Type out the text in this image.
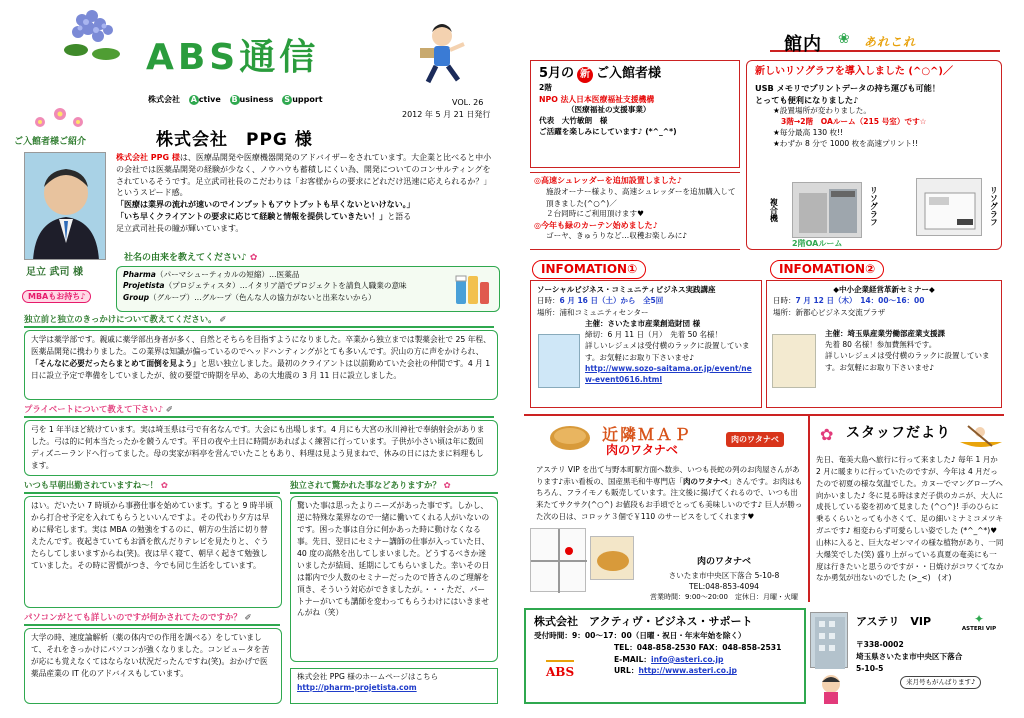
ABS通信
株式会社 A ctive B usiness S upport	VOL. 26
2012 年 5 月 21 日発行
ご入館者様ご紹介
足立 武司 様
MBAもお持ち♪
株式会社　PPG 様
株式会社 PPG 様は、医療品開発や医療機器開発のアドバイザーをされています。大企業と比べると中小の会社では医薬品開発の経験が少なく、ノウハウも蓄積しにくい為、開発についてのコンサルティングをされているそうです。足立武司社長のこだわりは「お客様からの要求にどれだけ迅速に応えられるか？」というスピード感。
「医療は業界の流れが速いのでインプットもアウトプットも早くないといけない。」
「いち早くクライアントの要求に応じて経験と情報を提供していきたい！」と語る
足立武司社長の瞳が輝いています。
社名の由来を教えてください♪ ✿
Pharma（パーマシューティカルの短縮）…医薬品
Projetista（プロジェティスタ）…イタリア語でプロジェクトを請負人職業の意味
Group（グループ）…グループ（色んな人の協力がないと出来ないから）
独立前と独立のきっかけについて教えてください。 ✐
大学は薬学部です。親戚に薬学部出身者が多く、自然とそちらを目指すようになりました。卒業から独立までは製薬会社で 25 年程、医薬品開発に携わりました。この業界は知識が偏っているのでヘッドハンティングがとても多いんです。沢山の方に声をかけられ、「そんなに必要だったらまとめて面倒を見よう」と思い独立しました。最初のクライアントは以前勤めていた会社の仲間です。4 月 1 日に設立予定で準備をしていましたが、彼の要望で時期を早め、あの大地震の 3 月 11 日に設立しました。
プライベートについて教えて下さい♪ ✐
弓を 1 年半ほど続けています。実は埼玉県は弓で有名なんです。大会にも出場します。4 月にも大宮の氷川神社で奉納射会がありました。弓は的に何本当たったかを競うんです。平日の夜や土日に時間があればよく練習に行っています。子供が小さい頃は年に数回ディズニーランドへ行ってました。母の実家が料亭を営んでいたこともあり、料理は見よう見まねで、休みの日にはたまに料理もします。
いつも早朝出勤されていますね～！ ✿
はい。だいたい 7 時頃から事務仕事を始めています。すると 9 時半頃から打合せ予定を入れてもらうといいんですよ。その代わり夕方は早めに帰宅します。実は MBA の勉強をするのに、朝方の生活に切り替えたんです。夜起きていてもお酒を飲んだりテレビを見たりと、ぐうたらしてしまいますからね(笑)。夜は早く寝て、朝早く起きて勉強していました。その時に習慣がつき、今でも同じ生活をしています。
独立されて驚かれた事などありますか？ ✿
驚いた事は思ったよりニーズがあった事です。しかし、逆に特殊な業界なので一緒に働いてくれる人がいないのです。困った事は自分に何かあった時に動けなくなる事。先日、翌日にセミナー講師の仕事が入っていた日、40 度の高熱を出してしまいました。どうするべきか迷いましたが結局、延期にしてもらいました。幸いその日は都内で少人数のセミナーだったので皆さんのご理解を頂き、そういう対応ができましたが。・・・ただ、パートナーがいても講師を変わってもらうわけにはいきませんがね（笑）
パソコンがとても詳しいのですが何かされてたのですか？ ✐
大学の時、速度論解析（薬の体内での作用を調べる）をしていまして、それをきっかけにパソコンが強くなりました。コンピュータを苦が応にも覚えなくてはならない状況だったんですね(笑)。おかげで医薬品産業の IT 化のアドバイスもしています。	株式会社 PPG 様のホームページはこちら
http://pharm-projetista.com
館内	あれこれ
❀
5月の 新 ご入館者様
2階
NPO 法人日本医療福祉支援機構
（医療福祉の支援事業）
代表　大竹敏朗　様
ご活躍を楽しみにしています♪ (*^_^*)
◎高速シュレッダーを追加設置しました♪
施設オーナー様より、高速シュレッダーを追加購入して頂きました(^○^)／
２台同時にご利用頂けます♥
◎今年も緑のカーテン始めました♪
ゴーヤ、きゅうりなど…収穫お楽しみに♪
新しいリソグラフを導入しました (^○^)／
USB メモリでプリントデータの持ち運びも可能！
とっても便利になりました♪
★設置場所が変わりました。
3階→2階　OAルーム（215 号室）です☆
★毎分最高 130 枚!!
★わずか 8 分で 1000 枚を高速プリント!!
複合機	リソグラフ	リソグラフ
2階OAルーム
INFOMATION①
ソーシャルビジネス・コミュニティビジネス実践講座
日時：6 月 16 日（土）から　全5回
場所：浦和コミュニティセンター
主催：さいたま市産業創造財団 様
締切：6 月 11 日（月）　先着 50 名様！
詳しいレジュメは受付横のラックに設置しています。お気軽にお取り下さいませ♪
http://www.sozo-saitama.or.jp/event/new-event0616.html
INFOMATION②
◆中小企業経営革新セミナー◆
日時：7 月 12 日（木）　14：00～16：00
場所：新都心ビジネス交流プラザ
主催：埼玉県産業労働部産業支援課
先着 80 名様！参加費無料です。
詳しいレジュメは受付横のラックに設置しています。お気軽にお取り下さいませ♪
近隣ＭＡＰ
肉のワタナベ
肉のワタナベ
アステリ VIP を出て与野本町駅方面へ数歩、いつも長蛇の列のお肉屋さんがあります♪赤い看板の、国産黒毛和牛専門店「肉のワタナベ」さんです。お肉はもちろん、フライモノも販売しています。注文後に揚げてくれるので、いつも出来たてサクサク(^○^) お値段もお手頃でとっても美味しいのです♪ 巨人が勝った次の日は、コロッケ３個で￥110 のサービスをしてくれます♥
肉のワタナベ
さいたま市中央区下落合 5-10-8
TEL:048-853-4094
営業時間：9:00～20:00　定休日：月曜・火曜
✿ スタッフだより
先日、奄美大島へ旅行に行って来ました♪ 毎年 1 月か 2 月に暖まりに行っていたのですが、今年は 4 月だったので初夏の様な気温でした。カヌーでマングローブへ向かいました♪ 冬に見る時はまだ子供のカニが、大人に成長している姿を初めて見ました (^○^)! 手のひらに乗るくらいとっても小さくて、足の細いミナミコメツキガニです♪ 相変わらず可愛らしい姿でした (*^_^*)♥ 山林に入ると、巨大なゼンマイの様な植物があり、一同大爆笑でした(笑) 盛り上がっている真夏の奄美にも一度は行きたいと思うのですが・・日焼けがコワくてなかなか勇気が出ないのでした (>_<)　(オ)
株式会社　アクティヴ・ビジネス・サポート
受付時間：9：00～17：00（日曜・祝日・年末年始を除く）
TEL：048-858-2530 FAX：048-858-2531
E-MAIL：info@asteri.co.jp
URL：http://www.asteri.co.jp
ABS
アステリ　VIP	✦
ASTERI VIP
〒338-0002
埼玉県さいたま市中央区下落合
5-10-5
来月号もがんばります♪
